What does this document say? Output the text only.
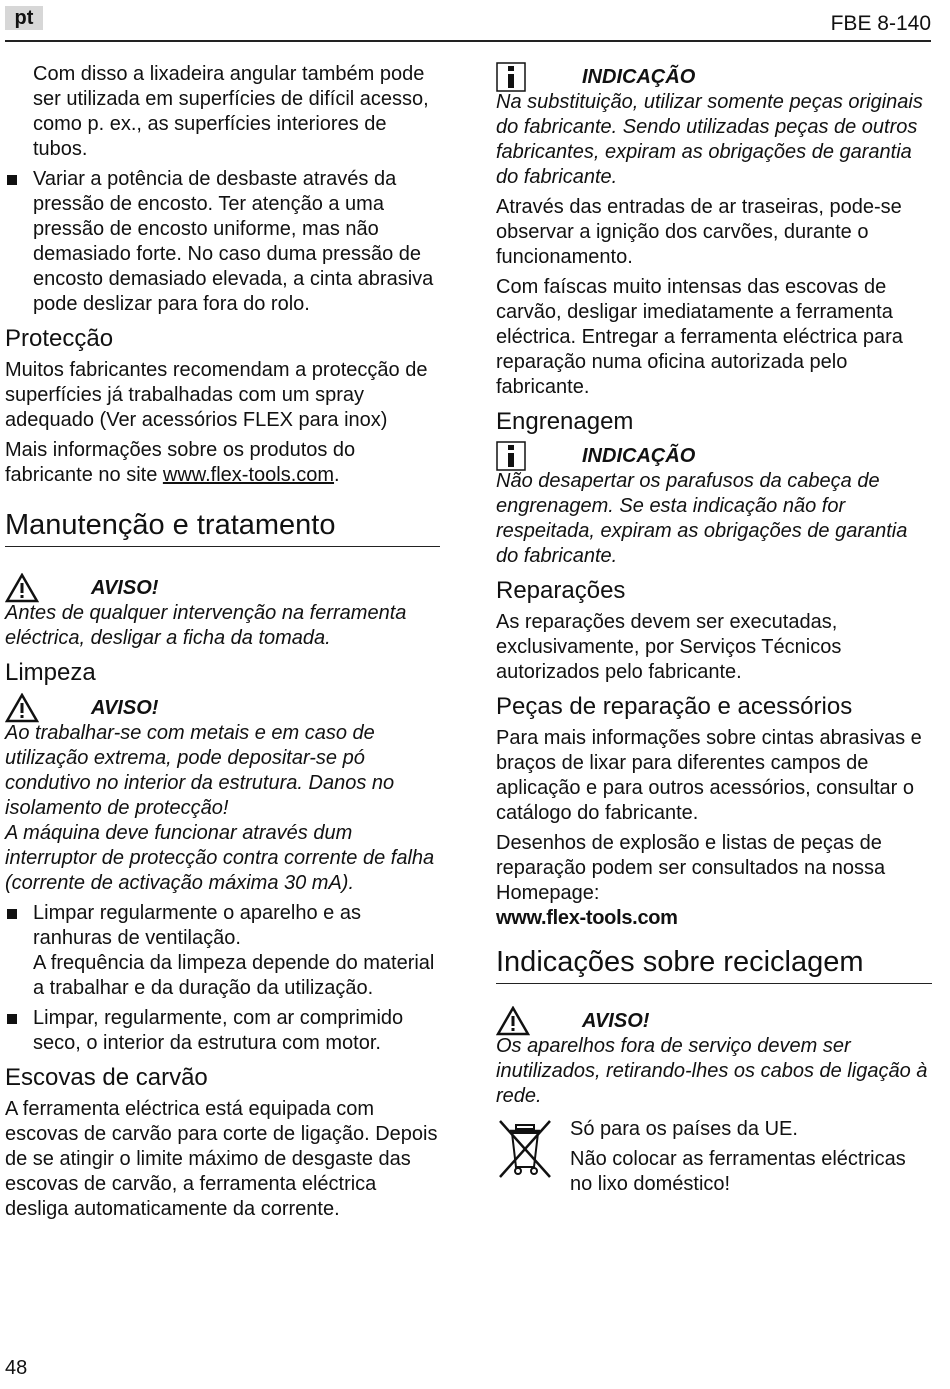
pt	FBE 8-140

Com disso a lixadeira angular também pode ser utilizada em superfícies de difícil acesso, como p. ex., as superfícies interiores de tubos.

Variar a potência de desbaste através da pressão de encosto. Ter atenção a uma pressão de encosto uniforme, mas não demasiado forte. No caso duma pressão de encosto demasiado elevada, a cinta abrasiva pode deslizar para fora do rolo.
Protecção

Muitos fabricantes recomendam a protecção de superfícies já trabalhadas com um spray adequado (Ver acessórios FLEX para inox)

Mais informações sobre os produtos do fabricante no site www.flex-tools.com.

Manutenção e tratamento
AVISO!

Antes de qualquer intervenção na ferramenta eléctrica, desligar a ficha da tomada.

Limpeza
AVISO!

Ao trabalhar-se com metais e em caso de utilização extrema, pode depositar-se pó condutivo no interior da estrutura. Danos no isolamento de protecção!

A máquina deve funcionar através dum interruptor de protecção contra corrente de falha (corrente de activação máxima 30 mA).

Limpar regularmente o aparelho e as ranhuras de ventilação.

A frequência da limpeza depende do material a trabalhar e da duração da utilização.

Limpar, regularmente, com ar comprimido seco, o interior da estrutura com motor.
Escovas de carvão

A ferramenta eléctrica está equipada com escovas de carvão para corte de ligação. Depois de se atingir o limite máximo de desgaste das escovas de carvão, a ferramenta eléctrica desliga automaticamente da corrente.

INDICAÇÃO

Na substituição, utilizar somente peças originais do fabricante. Sendo utilizadas peças de outros fabricantes, expiram as obrigações de garantia do fabricante.

Através das entradas de ar traseiras, pode-se observar a ignição dos carvões, durante o funcionamento.

Com faíscas muito intensas das escovas de carvão, desligar imediatamente a ferramenta eléctrica. Entregar a ferramenta eléctrica para reparação numa oficina autorizada pelo fabricante.

Engrenagem
INDICAÇÃO

Não desapertar os parafusos da cabeça de engrenagem. Se esta indicação não for respeitada, expiram as obrigações de garantia do fabricante.

Reparações

As reparações devem ser executadas, exclusivamente, por Serviços Técnicos autorizados pelo fabricante.

Peças de reparação e acessórios

Para mais informações sobre cintas abrasivas e braços de lixar para diferentes campos de aplicação e para outros acessórios, consultar o catálogo do fabricante.

Desenhos de explosão e listas de peças de reparação podem ser consultados na nossa Homepage:

www.flex-tools.com

Indicações sobre reciclagem
AVISO!

Os aparelhos fora de serviço devem ser inutilizados, retirando-lhes os cabos de ligação à rede.

Só para os países da UE.

Não colocar as ferramentas eléctricas no lixo doméstico!

48
